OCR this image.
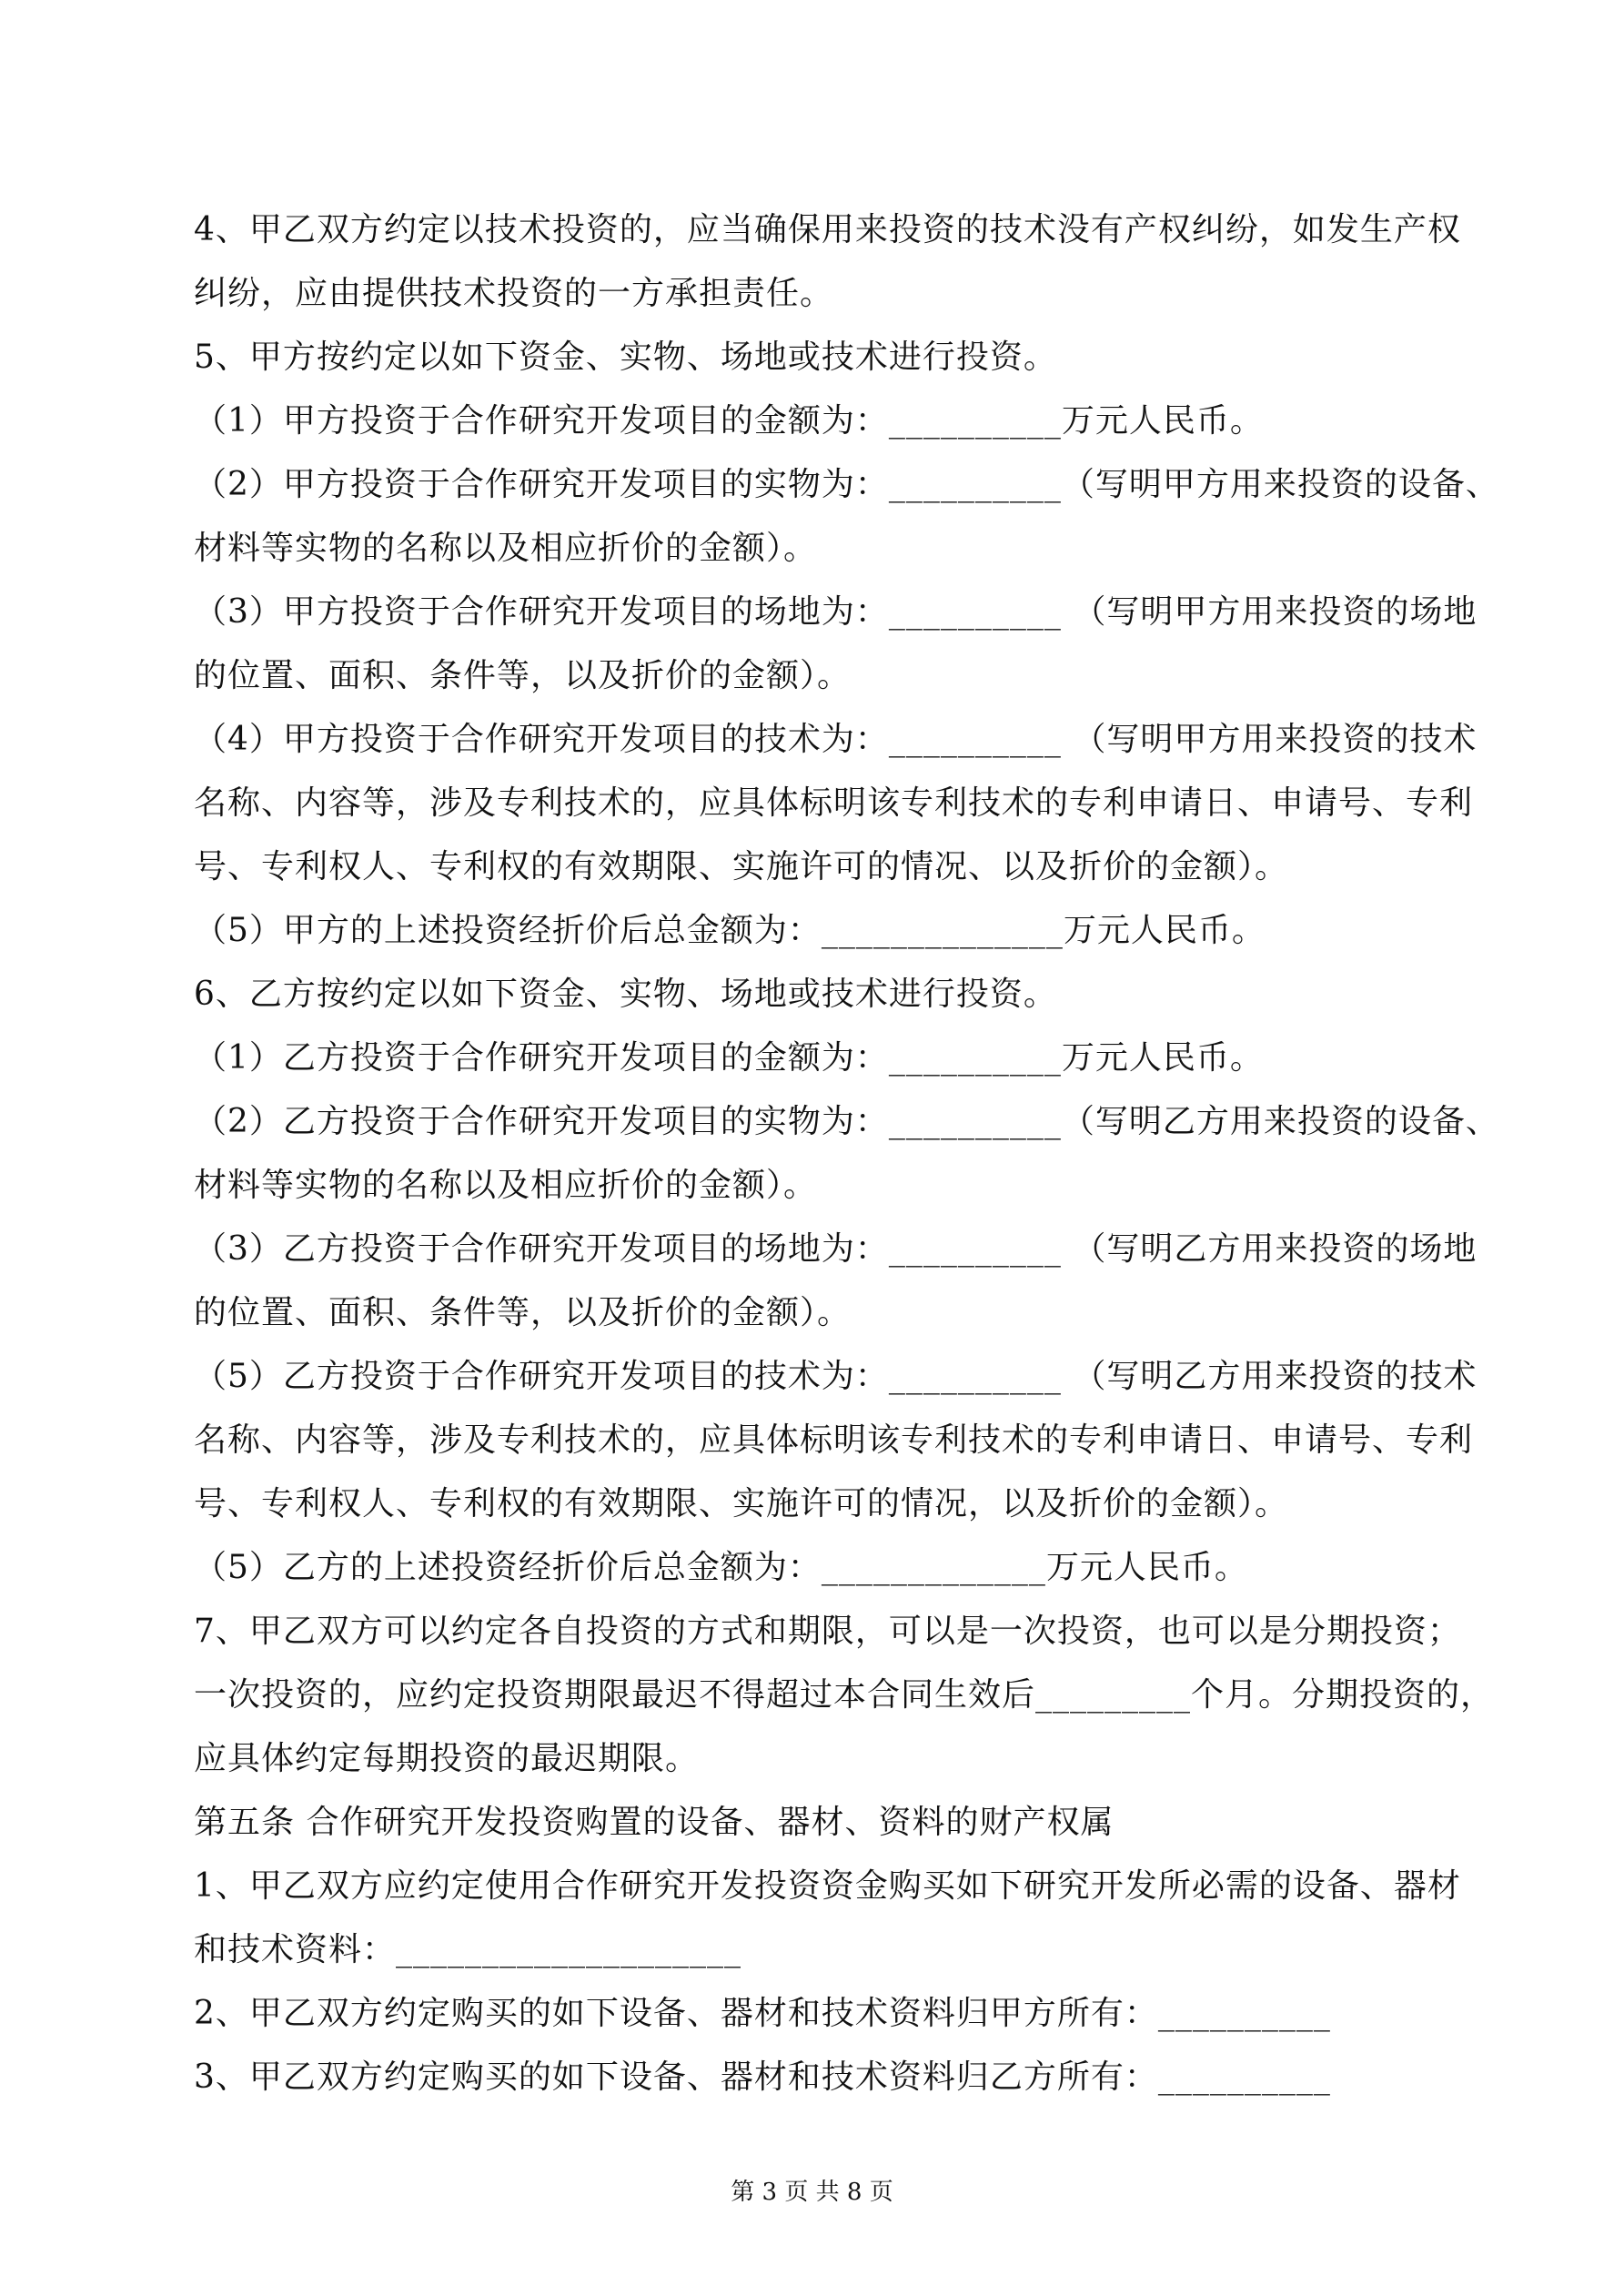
4、甲乙双方约定以技术投资的，应当确保用来投资的技术没有产权纠纷，如发生产权
纠纷，应由提供技术投资的一方承担责任。
5、甲方按约定以如下资金、实物、场地或技术进行投资。
（1）甲方投资于合作研究开发项目的金额为：__________万元人民币。
（2）甲方投资于合作研究开发项目的实物为：__________（写明甲方用来投资的设备、
材料等实物的名称以及相应折价的金额）。
（3）甲方投资于合作研究开发项目的场地为：__________ （写明甲方用来投资的场地
的位置、面积、条件等，以及折价的金额）。
（4）甲方投资于合作研究开发项目的技术为：__________ （写明甲方用来投资的技术
名称、内容等，涉及专利技术的，应具体标明该专利技术的专利申请日、申请号、专利
号、专利权人、专利权的有效期限、实施许可的情况、以及折价的金额）。
（5）甲方的上述投资经折价后总金额为：______________万元人民币。
6、乙方按约定以如下资金、实物、场地或技术进行投资。
（1）乙方投资于合作研究开发项目的金额为：__________万元人民币。
（2）乙方投资于合作研究开发项目的实物为：__________（写明乙方用来投资的设备、
材料等实物的名称以及相应折价的金额）。
（3）乙方投资于合作研究开发项目的场地为：__________ （写明乙方用来投资的场地
的位置、面积、条件等，以及折价的金额）。
（5）乙方投资于合作研究开发项目的技术为：__________ （写明乙方用来投资的技术
名称、内容等，涉及专利技术的，应具体标明该专利技术的专利申请日、申请号、专利
号、专利权人、专利权的有效期限、实施许可的情况，以及折价的金额）。
（5）乙方的上述投资经折价后总金额为：_____________万元人民币。
7、甲乙双方可以约定各自投资的方式和期限，可以是一次投资，也可以是分期投资；
一次投资的，应约定投资期限最迟不得超过本合同生效后_________个月。分期投资的，
应具体约定每期投资的最迟期限。
第五条 合作研究开发投资购置的设备、器材、资料的财产权属
1、甲乙双方应约定使用合作研究开发投资资金购买如下研究开发所必需的设备、器材
和技术资料：____________________
2、甲乙双方约定购买的如下设备、器材和技术资料归甲方所有：__________
3、甲乙双方约定购买的如下设备、器材和技术资料归乙方所有：__________
第 3 页 共 8 页
